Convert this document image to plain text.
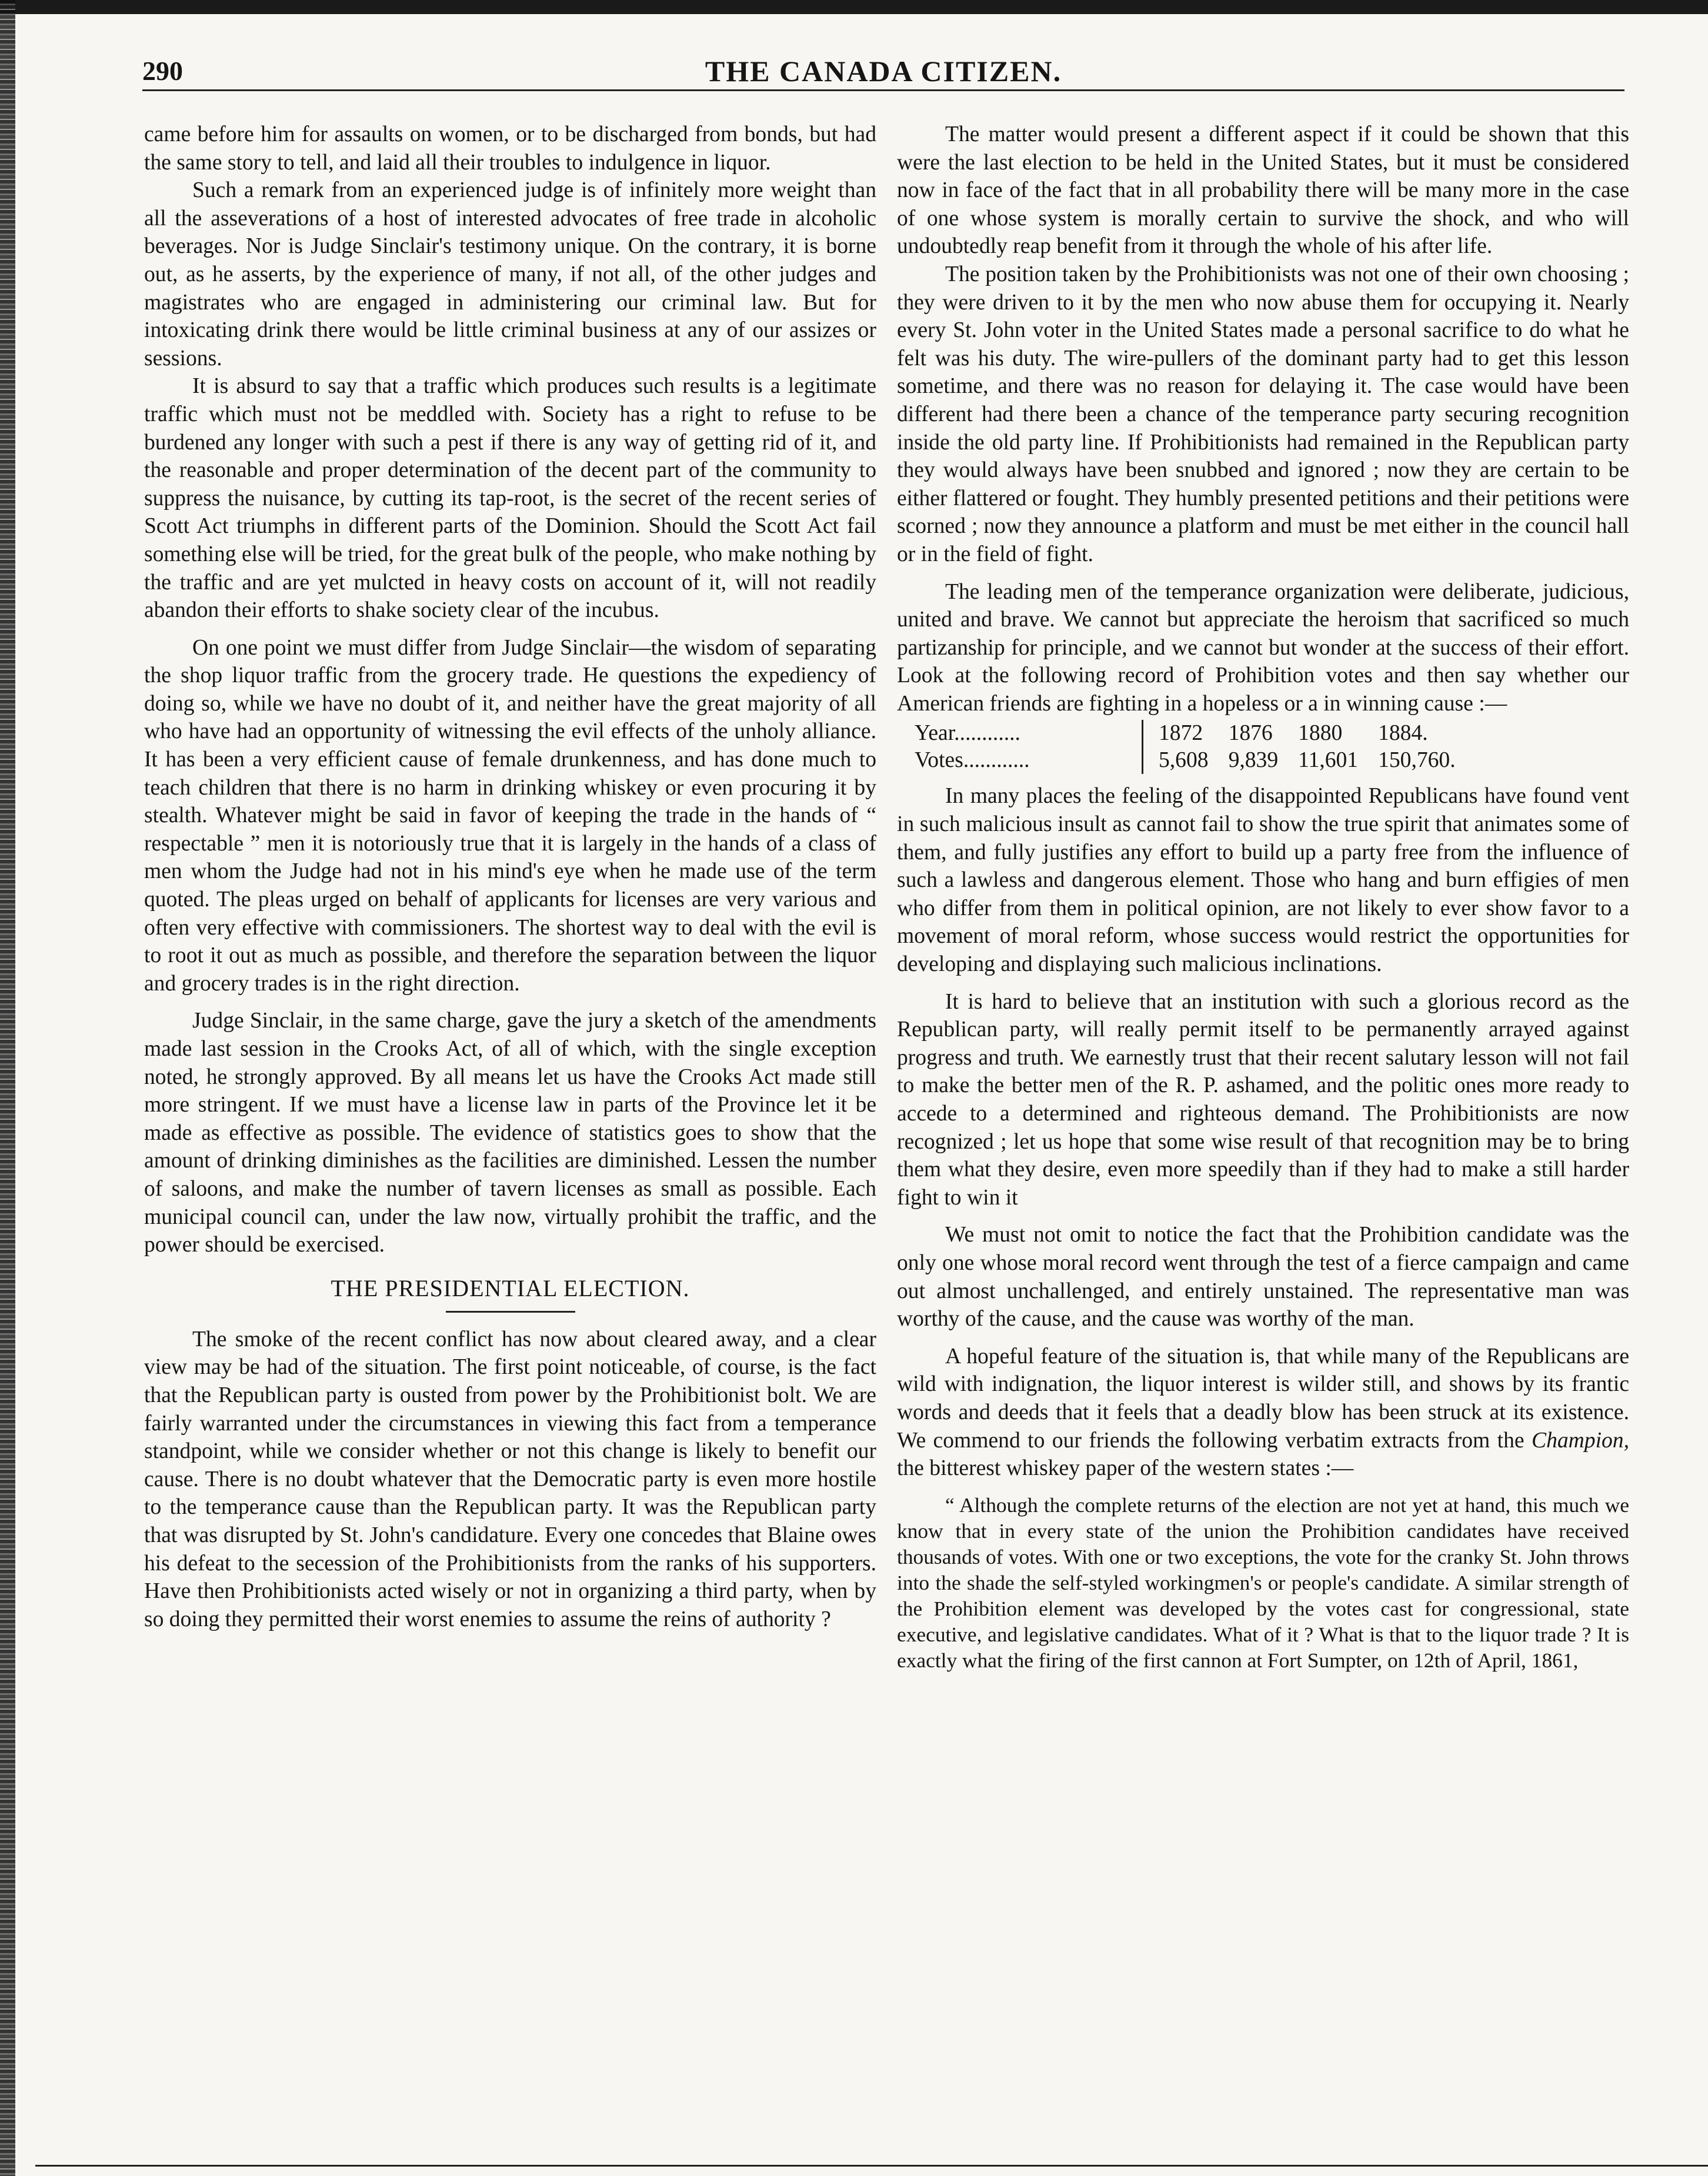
290	THE CANADA CITIZEN.

came before him for assaults on women, or to be discharged from bonds, but had the same story to tell, and laid all their troubles to indulgence in liquor.

Such a remark from an experienced judge is of infinitely more weight than all the asseverations of a host of interested advocates of free trade in alcoholic beverages. Nor is Judge Sinclair's testimony unique. On the contrary, it is borne out, as he asserts, by the experience of many, if not all, of the other judges and magistrates who are engaged in administering our criminal law. But for intoxicating drink there would be little criminal business at any of our assizes or sessions.

It is absurd to say that a traffic which produces such results is a legitimate traffic which must not be meddled with. Society has a right to refuse to be burdened any longer with such a pest if there is any way of getting rid of it, and the reasonable and proper determination of the decent part of the community to suppress the nuisance, by cutting its tap-root, is the secret of the recent series of Scott Act triumphs in different parts of the Dominion. Should the Scott Act fail something else will be tried, for the great bulk of the people, who make nothing by the traffic and are yet mulcted in heavy costs on account of it, will not readily abandon their efforts to shake society clear of the incubus.

On one point we must differ from Judge Sinclair—the wisdom of separating the shop liquor traffic from the grocery trade. He questions the expediency of doing so, while we have no doubt of it, and neither have the great majority of all who have had an opportunity of witnessing the evil effects of the unholy alliance. It has been a very efficient cause of female drunkenness, and has done much to teach children that there is no harm in drinking whiskey or even procuring it by stealth. Whatever might be said in favor of keeping the trade in the hands of “ respectable ” men it is notoriously true that it is largely in the hands of a class of men whom the Judge had not in his mind's eye when he made use of the term quoted. The pleas urged on behalf of applicants for licenses are very various and often very effective with commissioners. The shortest way to deal with the evil is to root it out as much as possible, and therefore the separation between the liquor and grocery trades is in the right direction.

Judge Sinclair, in the same charge, gave the jury a sketch of the amendments made last session in the Crooks Act, of all of which, with the single exception noted, he strongly approved. By all means let us have the Crooks Act made still more stringent. If we must have a license law in parts of the Province let it be made as effective as possible. The evidence of statistics goes to show that the amount of drinking diminishes as the facilities are diminished. Lessen the number of saloons, and make the number of tavern licenses as small as possible. Each municipal council can, under the law now, virtually prohibit the traffic, and the power should be exercised.

THE PRESIDENTIAL ELECTION.

The smoke of the recent conflict has now about cleared away, and a clear view may be had of the situation. The first point noticeable, of course, is the fact that the Republican party is ousted from power by the Prohibitionist bolt. We are fairly warranted under the circumstances in viewing this fact from a temperance standpoint, while we consider whether or not this change is likely to benefit our cause. There is no doubt whatever that the Democratic party is even more hostile to the temperance cause than the Republican party. It was the Republican party that was disrupted by St. John's candidature. Every one concedes that Blaine owes his defeat to the secession of the Prohibitionists from the ranks of his supporters. Have then Prohibitionists acted wisely or not in organizing a third party, when by so doing they permitted their worst enemies to assume the reins of authority ?

The matter would present a different aspect if it could be shown that this were the last election to be held in the United States, but it must be considered now in face of the fact that in all probability there will be many more in the case of one whose system is morally certain to survive the shock, and who will undoubtedly reap benefit from it through the whole of his after life.

The position taken by the Prohibitionists was not one of their own choosing ; they were driven to it by the men who now abuse them for occupying it. Nearly every St. John voter in the United States made a personal sacrifice to do what he felt was his duty. The wire-pullers of the dominant party had to get this lesson sometime, and there was no reason for delaying it. The case would have been different had there been a chance of the temperance party securing recognition inside the old party line. If Prohibitionists had remained in the Republican party they would always have been snubbed and ignored ; now they are certain to be either flattered or fought. They humbly presented petitions and their petitions were scorned ; now they announce a platform and must be met either in the council hall or in the field of fight.

The leading men of the temperance organization were deliberate, judicious, united and brave. We cannot but appreciate the heroism that sacrificed so much partizanship for principle, and we cannot but wonder at the success of their effort. Look at the following record of Prohibition votes and then say whether our American friends are fighting in a hopeless or a in winning cause :—

Year............	1872	1876	1880	1884.
Votes............	5,608	9,839	11,601	150,760.

In many places the feeling of the disappointed Republicans have found vent in such malicious insult as cannot fail to show the true spirit that animates some of them, and fully justifies any effort to build up a party free from the influence of such a lawless and dangerous element. Those who hang and burn effigies of men who differ from them in political opinion, are not likely to ever show favor to a movement of moral reform, whose success would restrict the opportunities for developing and displaying such malicious inclinations.

It is hard to believe that an institution with such a glorious record as the Republican party, will really permit itself to be permanently arrayed against progress and truth. We earnestly trust that their recent salutary lesson will not fail to make the better men of the R. P. ashamed, and the politic ones more ready to accede to a determined and righteous demand. The Prohibitionists are now recognized ; let us hope that some wise result of that recognition may be to bring them what they desire, even more speedily than if they had to make a still harder fight to win it

We must not omit to notice the fact that the Prohibition candidate was the only one whose moral record went through the test of a fierce campaign and came out almost unchallenged, and entirely unstained. The representative man was worthy of the cause, and the cause was worthy of the man.

A hopeful feature of the situation is, that while many of the Republicans are wild with indignation, the liquor interest is wilder still, and shows by its frantic words and deeds that it feels that a deadly blow has been struck at its existence. We commend to our friends the following verbatim extracts from the Champion, the bitterest whiskey paper of the western states :—

“ Although the complete returns of the election are not yet at hand, this much we know that in every state of the union the Prohibition candidates have received thousands of votes. With one or two exceptions, the vote for the cranky St. John throws into the shade the self-styled workingmen's or people's candidate. A similar strength of the Prohibition element was developed by the votes cast for congressional, state executive, and legislative candidates. What of it ? What is that to the liquor trade ? It is exactly what the firing of the first cannon at Fort Sumpter, on 12th of April, 1861,
